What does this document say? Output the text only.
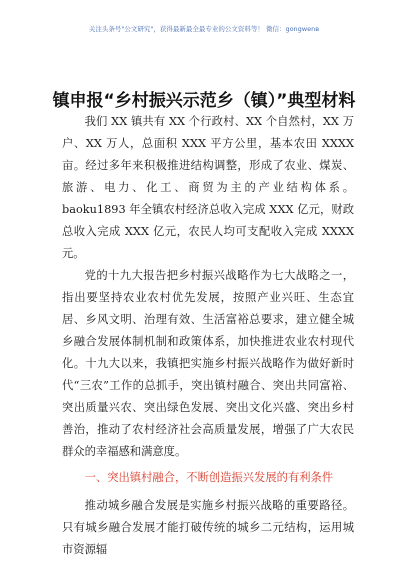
关注头条号"公文研究"，获得最新最全最专业的公文资料等！ 微信：gongwenв
镇申报“乡村振兴示范乡（镇）”典型材料

我们 XX 镇共有 XX 个行政村、XX 个自然村，XX 万户、XX 万人，总面积 XXX 平方公里，基本农田 XXXX 亩。经过多年来积极推进结构调整，形成了农业、煤炭、旅游、电力、化工、商贸为主的产业结构体系。baoku1893 年全镇农村经济总收入完成 XXX 亿元，财政总收入完成 XXX 亿元，农民人均可支配收入完成 XXXX 元。

党的十九大报告把乡村振兴战略作为七大战略之一，指出要坚持农业农村优先发展，按照产业兴旺、生态宜居、乡风文明、治理有效、生活富裕总要求，建立健全城乡融合发展体制机制和政策体系，加快推进农业农村现代化。十九大以来，我镇把实施乡村振兴战略作为做好新时代“三农”工作的总抓手，突出镇村融合、突出共同富裕、突出质量兴农、突出绿色发展、突出文化兴盛、突出乡村善治，推动了农村经济社会高质量发展，增强了广大农民群众的幸福感和满意度。

一、突出镇村融合，不断创造振兴发展的有利条件

推动城乡融合发展是实施乡村振兴战略的重要路径。只有城乡融合发展才能打破传统的城乡二元结构，运用城市资源辐
